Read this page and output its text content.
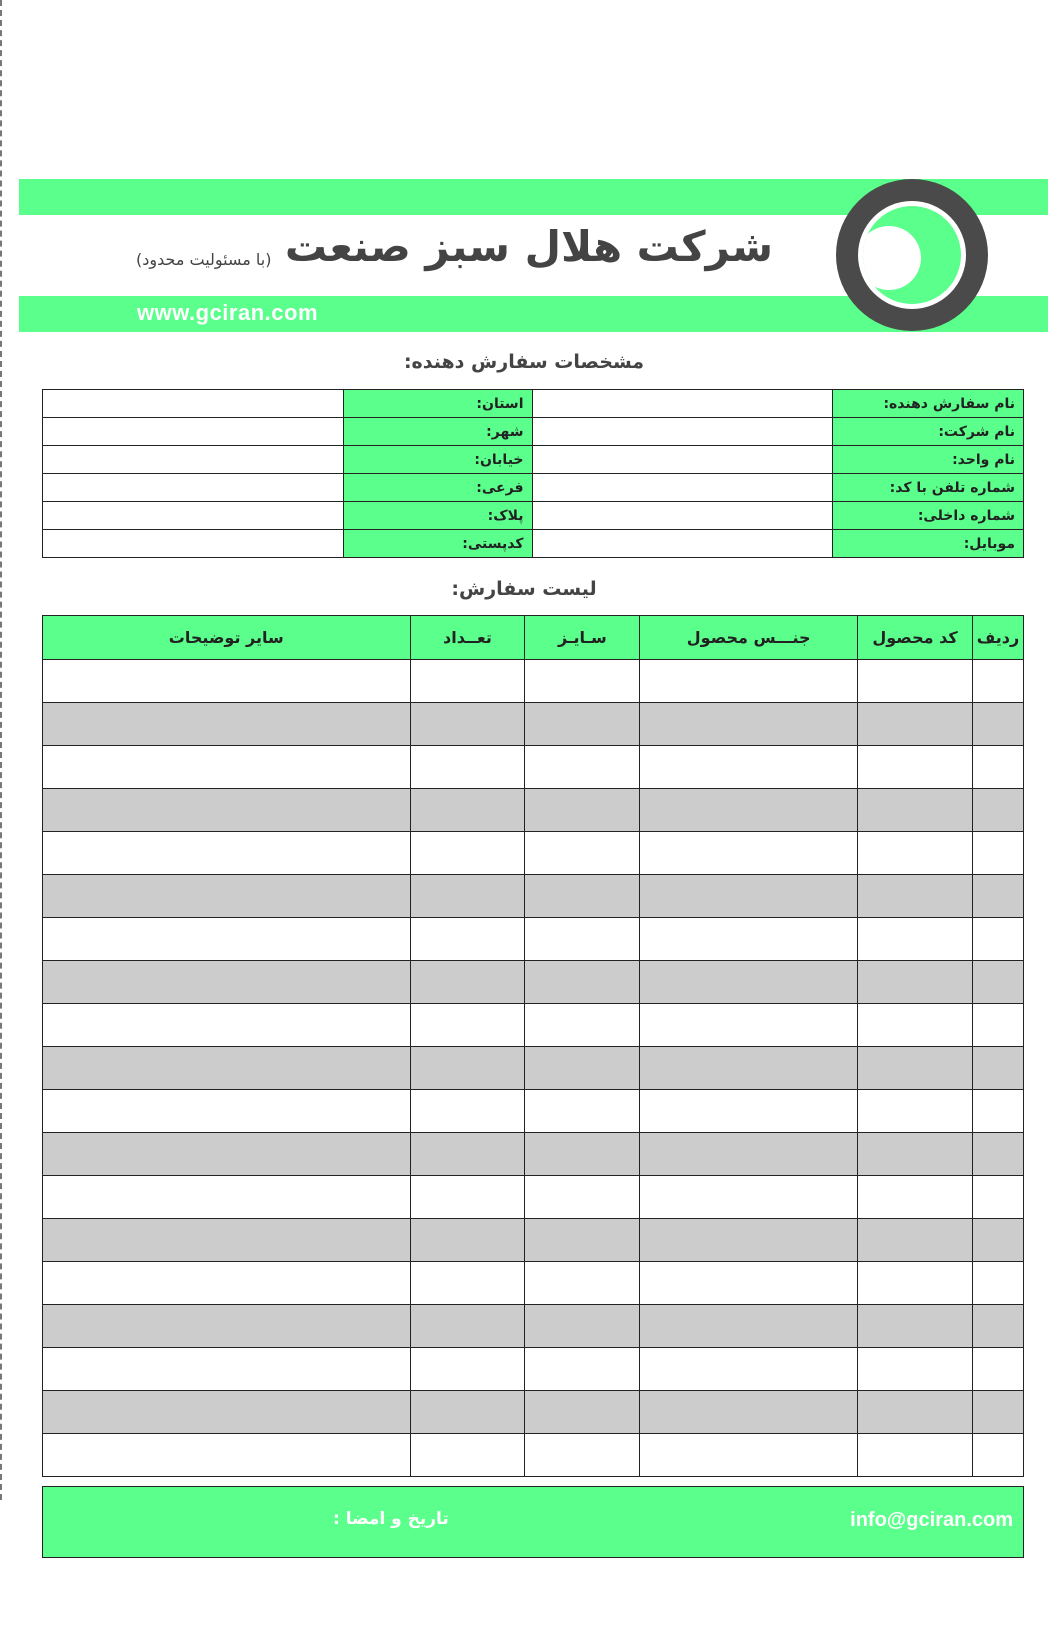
شرکت هلال سبز صنعت
(با مسئولیت محدود)
www.gciran.com
مشخصات سفارش دهنده:
	استان:		نام سفارش دهنده:
	شهر:		نام شرکت:
	خیابان:		نام واحد:
	فرعی:		شماره تلفن با کد:
	پلاک:		شماره داخلی:
	کدپستی:		موبایل:
لیست سفارش:
سایر توضیحات	تعــداد	سـایـز	جنـــس محصول	کد محصول	ردیف

تاریخ و امضا :	info@gciran.com
